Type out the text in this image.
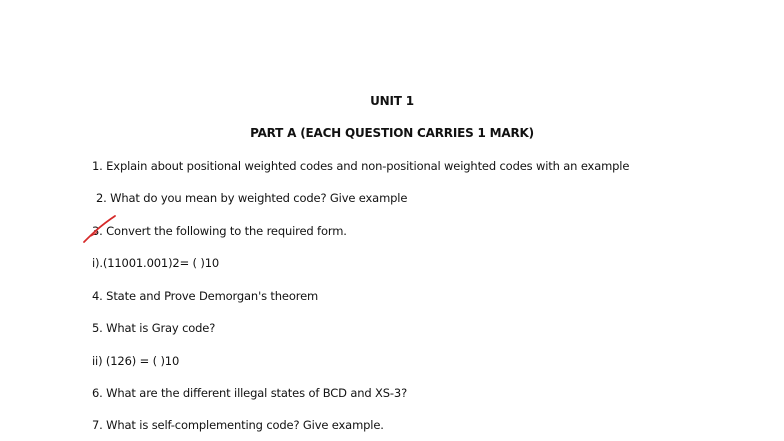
UNIT 1
PART A (EACH QUESTION CARRIES 1 MARK)
1. Explain about positional weighted codes and non-positional weighted codes with an example
2. What do you mean by weighted code? Give example
3. Convert the following to the required form.
i).(11001.001)2= ( )10
4. State and Prove Demorgan's theorem
5. What is Gray code?
ii) (126) = ( )10
6. What are the different illegal states of BCD and XS-3?
7. What is self-complementing code? Give example.
